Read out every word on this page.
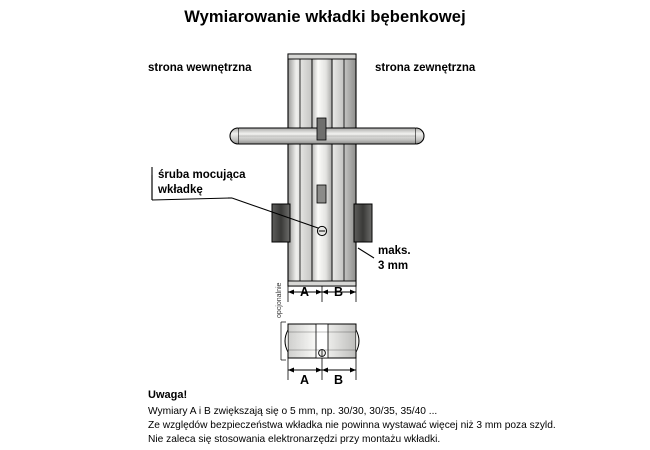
Wymiarowanie wkładki bębenkowej
A B
A B
strona wewnętrzna	strona zewnętrzna
śruba mocująca
wkładkę
maks.
3 mm
opcjonalnie
Uwaga!
Wymiary A i B zwiększają się o 5 mm, np. 30/30, 30/35, 35/40 ...
Ze względów bezpieczeństwa wkładka nie powinna wystawać więcej niż 3 mm poza szyld.
Nie zaleca się stosowania elektronarzędzi przy montażu wkładki.
